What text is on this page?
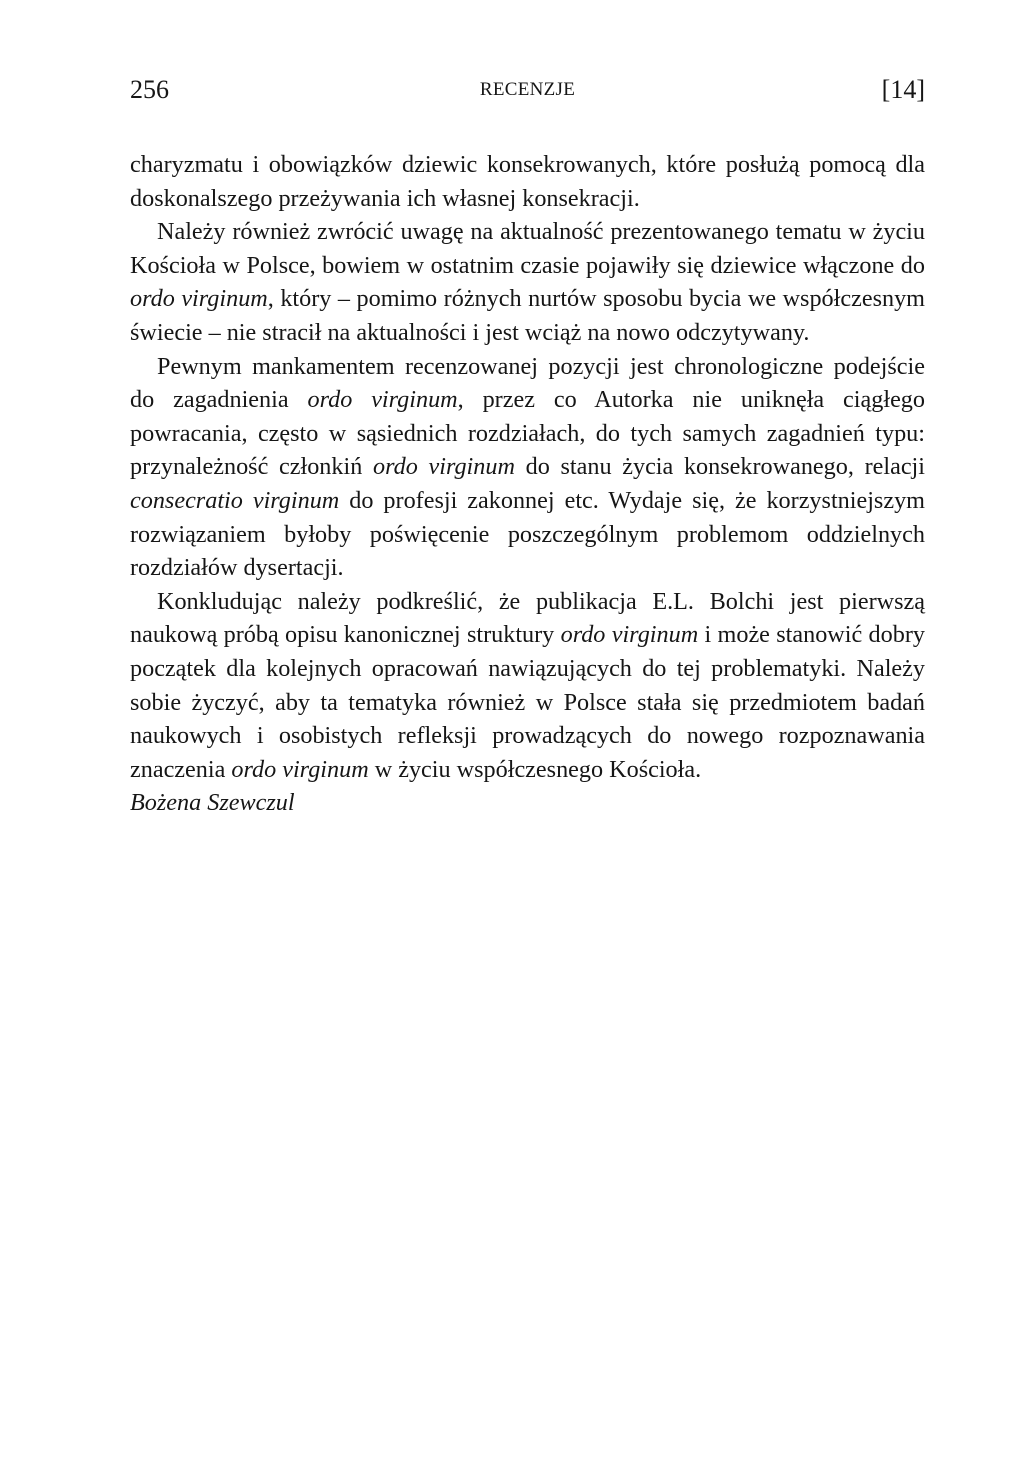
256	RECENZJE	[14]

charyzmatu i obowiązków dziewic konsekrowanych, które posłużą pomocą dla doskonalszego przeżywania ich własnej konsekracji.

Należy również zwrócić uwagę na aktualność prezentowanego tematu w życiu Kościoła w Polsce, bowiem w ostatnim czasie pojawiły się dziewice włączone do ordo virginum, który – pomimo różnych nurtów sposobu bycia we współczesnym świecie – nie stracił na aktualności i jest wciąż na nowo odczytywany.

Pewnym mankamentem recenzowanej pozycji jest chronologiczne podejście do zagadnienia ordo virginum, przez co Autorka nie uniknęła ciągłego powracania, często w sąsiednich rozdziałach, do tych samych zagadnień typu: przynależność członkiń ordo virginum do stanu życia konsekrowanego, relacji consecratio virginum do profesji zakonnej etc. Wydaje się, że korzystniejszym rozwiązaniem byłoby poświęcenie poszczególnym problemom oddzielnych rozdziałów dysertacji.

Konkludując należy podkreślić, że publikacja E.L. Bolchi jest pierwszą naukową próbą opisu kanonicznej struktury ordo virginum i może stanowić dobry początek dla kolejnych opracowań nawiązujących do tej problematyki. Należy sobie życzyć, aby ta tematyka również w Polsce stała się przedmiotem badań naukowych i osobistych refleksji prowadzących do nowego rozpoznawania znaczenia ordo virginum w życiu współczesnego Kościoła.

Bożena Szewczul
